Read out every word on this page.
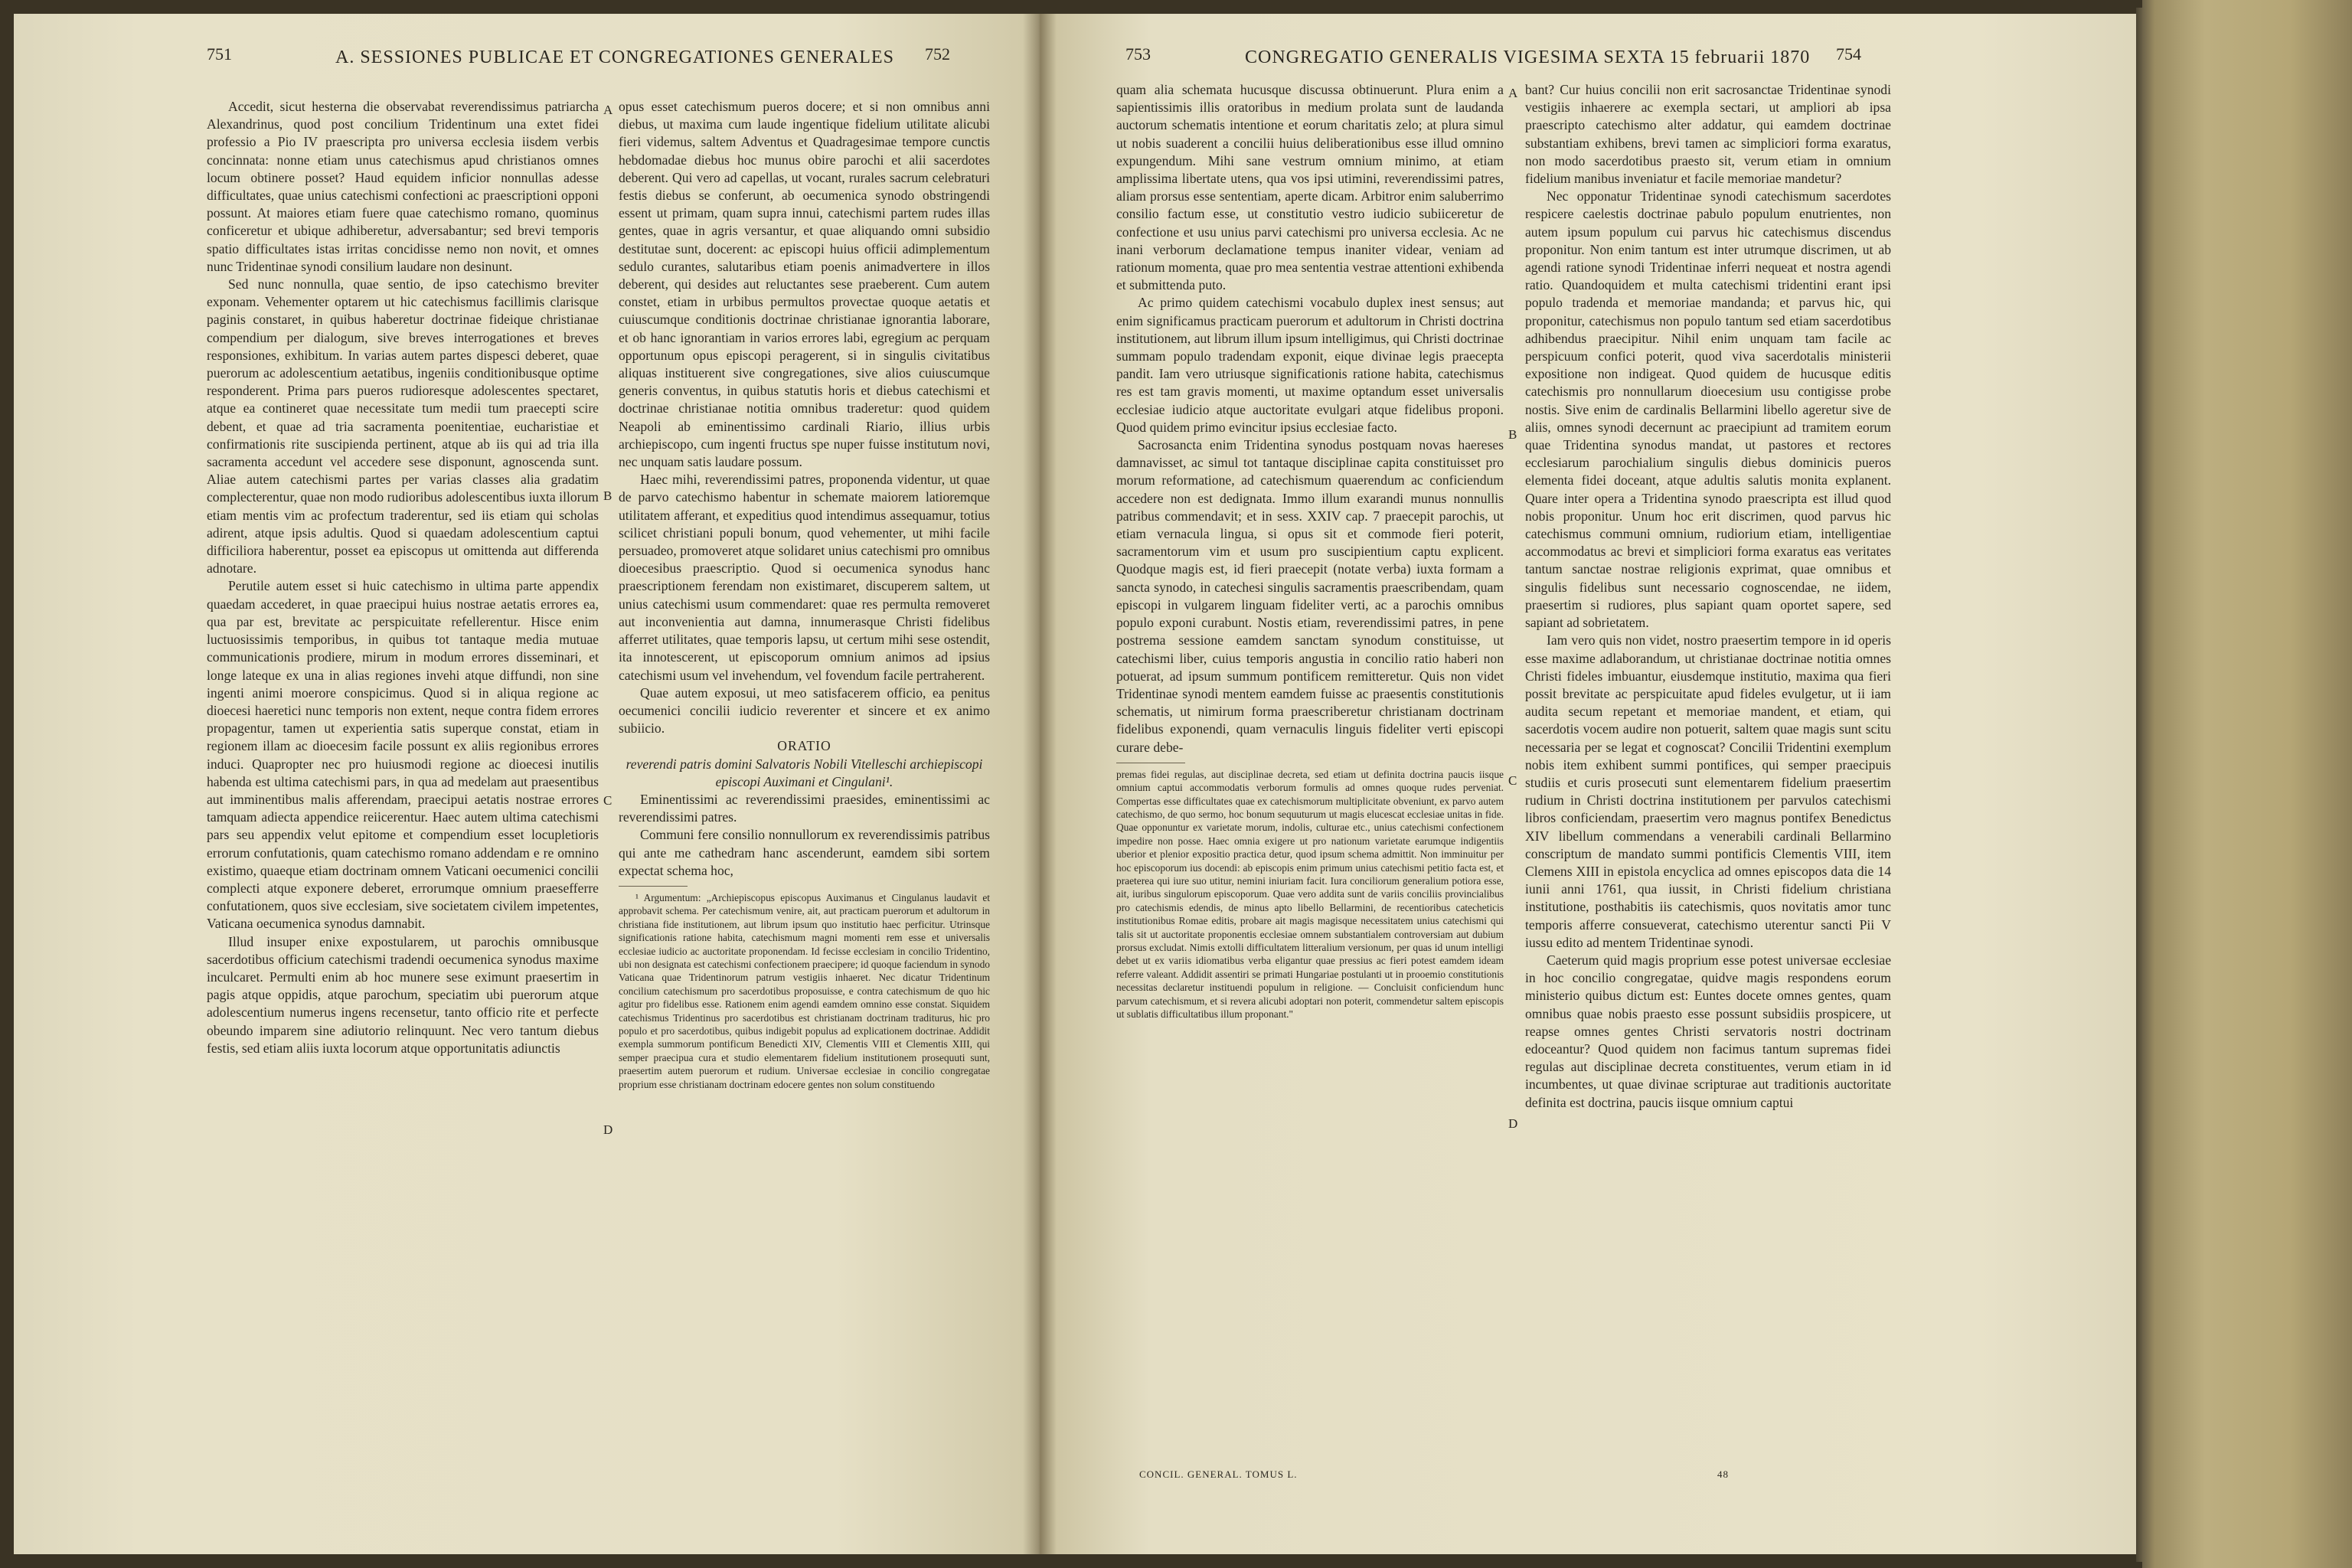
751	A. SESSIONES PUBLICAE ET CONGREGATIONES GENERALES 752

Accedit, sicut hesterna die observabat reverendissimus patriarcha Alexandrinus, quod post concilium Tridentinum una extet fidei professio a Pio IV praescripta pro universa ecclesia iisdem verbis concinnata: nonne etiam unus catechismus apud christianos omnes locum obtinere posset? Haud equidem inficior nonnullas adesse difficultates, quae unius catechismi confectioni ac praescriptioni opponi possunt. At maiores etiam fuere quae catechismo romano, quominus conficeretur et ubique adhiberetur, adversabantur; sed brevi temporis spatio difficultates istas irritas concidisse nemo non novit, et omnes nunc Tridentinae synodi consilium laudare non desinunt.

Sed nunc nonnulla, quae sentio, de ipso catechismo breviter exponam. Vehementer optarem ut hic catechismus facillimis clarisque paginis constaret, in quibus haberetur doctrinae fideique christianae compendium per dialogum, sive breves interrogationes et breves responsiones, exhibitum. In varias autem partes dispesci deberet, quae puerorum ac adolescentium aetatibus, ingeniis conditionibusque optime responderent. Prima pars pueros rudioresque adolescentes spectaret, atque ea contineret quae necessitate tum medii tum praecepti scire debent, et quae ad tria sacramenta poenitentiae, eucharistiae et confirmationis rite suscipienda pertinent, atque ab iis qui ad tria illa sacramenta accedunt vel accedere sese disponunt, agnoscenda sunt. Aliae autem catechismi partes per varias classes alia gradatim complecterentur, quae non modo rudioribus adolescentibus iuxta illorum etiam mentis vim ac profectum traderentur, sed iis etiam qui scholas adirent, atque ipsis adultis. Quod si quaedam adolescentium captui difficiliora haberentur, posset ea episcopus ut omittenda aut differenda adnotare.

Perutile autem esset si huic catechismo in ultima parte appendix quaedam accederet, in quae praecipui huius nostrae aetatis errores ea, qua par est, brevitate ac perspicuitate refellerentur. Hisce enim luctuosissimis temporibus, in quibus tot tantaque media mutuae communicationis prodiere, mirum in modum errores disseminari, et longe lateque ex una in alias regiones invehi atque diffundi, non sine ingenti animi moerore conspicimus. Quod si in aliqua regione ac dioecesi haeretici nunc temporis non extent, neque contra fidem errores propagentur, tamen ut experientia satis superque constat, etiam in regionem illam ac dioecesim facile possunt ex aliis regionibus errores induci. Quapropter nec pro huiusmodi regione ac dioecesi inutilis habenda est ultima catechismi pars, in qua ad medelam aut praesentibus aut imminentibus malis afferendam, praecipui aetatis nostrae errores tamquam adiecta appendice reiicerentur. Haec autem ultima catechismi pars seu appendix velut epitome et compendium esset locupletioris errorum confutationis, quam catechismo romano addendam e re omnino existimo, quaeque etiam doctrinam omnem Vaticani oecumenici concilii complecti atque exponere deberet, errorumque omnium praesefferre confutationem, quos sive ecclesiam, sive societatem civilem impetentes, Vaticana oecumenica synodus damnabit.

Illud insuper enixe expostularem, ut parochis omnibusque sacerdotibus officium catechismi tradendi oecumenica synodus maxime inculcaret. Permulti enim ab hoc munere sese eximunt praesertim in pagis atque oppidis, atque parochum, speciatim ubi puerorum atque adolescentium numerus ingens recensetur, tanto officio rite et perfecte obeundo imparem sine adiutorio relinquunt. Nec vero tantum diebus festis, sed etiam aliis iuxta locorum atque opportunitatis adiunctis

A
B
C
D

opus esset catechismum pueros docere; et si non omnibus anni diebus, ut maxima cum laude ingentique fidelium utilitate alicubi fieri videmus, saltem Adventus et Quadragesimae tempore cunctis hebdomadae diebus hoc munus obire parochi et alii sacerdotes deberent. Qui vero ad capellas, ut vocant, rurales sacrum celebraturi festis diebus se conferunt, ab oecumenica synodo obstringendi essent ut primam, quam supra innui, catechismi partem rudes illas gentes, quae in agris versantur, et quae aliquando omni subsidio destitutae sunt, docerent: ac episcopi huius officii adimplementum sedulo curantes, salutaribus etiam poenis animadvertere in illos deberent, qui desides aut reluctantes sese praeberent. Cum autem constet, etiam in urbibus permultos provectae quoque aetatis et cuiuscumque conditionis doctrinae christianae ignorantia laborare, et ob hanc ignorantiam in varios errores labi, egregium ac perquam opportunum opus episcopi peragerent, si in singulis civitatibus aliquas instituerent sive congregationes, sive alios cuiuscumque generis conventus, in quibus statutis horis et diebus catechismi et doctrinae christianae notitia omnibus traderetur: quod quidem Neapoli ab eminentissimo cardinali Riario, illius urbis archiepiscopo, cum ingenti fructus spe nuper fuisse institutum novi, nec unquam satis laudare possum.

Haec mihi, reverendissimi patres, proponenda videntur, ut quae de parvo catechismo habentur in schemate maiorem latioremque utilitatem afferant, et expeditius quod intendimus assequamur, totius scilicet christiani populi bonum, quod vehementer, ut mihi facile persuadeo, promoveret atque solidaret unius catechismi pro omnibus dioecesibus praescriptio. Quod si oecumenica synodus hanc praescriptionem ferendam non existimaret, discuperem saltem, ut unius catechismi usum commendaret: quae res permulta removeret aut inconvenientia aut damna, innumerasque Christi fidelibus afferret utilitates, quae temporis lapsu, ut certum mihi sese ostendit, ita innotescerent, ut episcoporum omnium animos ad ipsius catechismi usum vel invehendum, vel fovendum facile pertraherent.

Quae autem exposui, ut meo satisfacerem officio, ea penitus oecumenici concilii iudicio reverenter et sincere et ex animo subiicio.

ORATIO

reverendi patris domini Salvatoris Nobili Vitelleschi archiepiscopi episcopi Auximani et Cingulani¹.

Eminentissimi ac reverendissimi praesides, eminentissimi ac reverendissimi patres.

Communi fere consilio nonnullorum ex reverendissimis patribus qui ante me cathedram hanc ascenderunt, eamdem sibi sortem expectat schema hoc,

¹ Argumentum: „Archiepiscopus episcopus Auximanus et Cingulanus laudavit et approbavit schema. Per catechismum venire, ait, aut practicam puerorum et adultorum in christiana fide institutionem, aut librum ipsum quo institutio haec perficitur. Utrinsque significationis ratione habita, catechismum magni momenti rem esse et universalis ecclesiae iudicio ac auctoritate proponendam. Id fecisse ecclesiam in concilio Tridentino, ubi non designata est catechismi confectionem praecipere; id quoque faciendum in synodo Vaticana quae Tridentinorum patrum vestigiis inhaeret. Nec dicatur Tridentinum concilium catechismum pro sacerdotibus proposuisse, e contra catechismum de quo hic agitur pro fidelibus esse. Rationem enim agendi eamdem omnino esse constat. Siquidem catechismus Tridentinus pro sacerdotibus est christianam doctrinam traditurus, hic pro populo et pro sacerdotibus, quibus indigebit populus ad explicationem doctrinae. Addidit exempla summorum pontificum Benedicti XIV, Clementis VIII et Clementis XIII, qui semper praecipua cura et studio elementarem fidelium institutionem prosequuti sunt, praesertim autem puerorum et rudium. Universae ecclesiae in concilio congregatae proprium esse christianam doctrinam edocere gentes non solum constituendo

753	CONGREGATIO GENERALIS VIGESIMA SEXTA 15 februarii 1870 754

quam alia schemata hucusque discussa obtinuerunt. Plura enim a sapientissimis illis oratoribus in medium prolata sunt de laudanda auctorum schematis intentione et eorum charitatis zelo; at plura simul ut nobis suaderent a concilii huius deliberationibus esse illud omnino expungendum. Mihi sane vestrum omnium minimo, at etiam amplissima libertate utens, qua vos ipsi utimini, reverendissimi patres, aliam prorsus esse sententiam, aperte dicam. Arbitror enim saluberrimo consilio factum esse, ut constitutio vestro iudicio subiiceretur de confectione et usu unius parvi catechismi pro universa ecclesia. Ac ne inani verborum declamatione tempus inaniter videar, veniam ad rationum momenta, quae pro mea sententia vestrae attentioni exhibenda et submittenda puto.

Ac primo quidem catechismi vocabulo duplex inest sensus; aut enim significamus practicam puerorum et adultorum in Christi doctrina institutionem, aut librum illum ipsum intelligimus, qui Christi doctrinae summam populo tradendam exponit, eique divinae legis praecepta pandit. Iam vero utriusque significationis ratione habita, catechismus res est tam gravis momenti, ut maxime optandum esset universalis ecclesiae iudicio atque auctoritate evulgari atque fidelibus proponi. Quod quidem primo evincitur ipsius ecclesiae facto.

Sacrosancta enim Tridentina synodus postquam novas haereses damnavisset, ac simul tot tantaque disciplinae capita constituisset pro morum reformatione, ad catechismum quaerendum ac conficiendum accedere non est dedignata. Immo illum exarandi munus nonnullis patribus commendavit; et in sess. XXIV cap. 7 praecepit parochis, ut etiam vernacula lingua, si opus sit et commode fieri poterit, sacramentorum vim et usum pro suscipientium captu explicent. Quodque magis est, id fieri praecepit (notate verba) iuxta formam a sancta synodo, in catechesi singulis sacramentis praescribendam, quam episcopi in vulgarem linguam fideliter verti, ac a parochis omnibus populo exponi curabunt. Nostis etiam, reverendissimi patres, in pene postrema sessione eamdem sanctam synodum constituisse, ut catechismi liber, cuius temporis angustia in concilio ratio haberi non potuerat, ad ipsum summum pontificem remitteretur. Quis non videt Tridentinae synodi mentem eamdem fuisse ac praesentis constitutionis schematis, ut nimirum forma praescriberetur christianam doctrinam fidelibus exponendi, quam vernaculis linguis fideliter verti episcopi curare debe-

premas fidei regulas, aut disciplinae decreta, sed etiam ut definita doctrina paucis iisque omnium captui accommodatis verborum formulis ad omnes quoque rudes perveniat. Compertas esse difficultates quae ex catechismorum multiplicitate obveniunt, ex parvo autem catechismo, de quo sermo, hoc bonum sequuturum ut magis elucescat ecclesiae unitas in fide. Quae opponuntur ex varietate morum, indolis, culturae etc., unius catechismi confectionem impedire non posse. Haec omnia exigere ut pro nationum varietate earumque indigentiis uberior et plenior expositio practica detur, quod ipsum schema admittit. Non imminuitur per hoc episcoporum ius docendi: ab episcopis enim primum unius catechismi petitio facta est, et praeterea qui iure suo utitur, nemini iniuriam facit. Iura conciliorum generalium potiora esse, ait, iuribus singulorum episcoporum. Quae vero addita sunt de variis conciliis provincialibus pro catechismis edendis, de minus apto libello Bellarmini, de recentioribus catecheticis institutionibus Romae editis, probare ait magis magisque necessitatem unius catechismi qui talis sit ut auctoritate proponentis ecclesiae omnem substantialem controversiam aut dubium prorsus excludat. Nimis extolli difficultatem litteralium versionum, per quas id unum intelligi debet ut ex variis idiomatibus verba eligantur quae pressius ac fieri potest eamdem ideam referre valeant. Addidit assentiri se primati Hungariae postulanti ut in prooemio constitutionis necessitas declaretur instituendi populum in religione. — Concluisit conficiendum hunc parvum catechismum, et si revera alicubi adoptari non poterit, commendetur saltem episcopis ut sublatis difficultatibus illum proponant."

CONCIL. GENERAL. TOMUS L.	48
A
B
C
D

bant? Cur huius concilii non erit sacrosanctae Tridentinae synodi vestigiis inhaerere ac exempla sectari, ut ampliori ab ipsa praescripto catechismo alter addatur, qui eamdem doctrinae substantiam exhibens, brevi tamen ac simpliciori forma exaratus, non modo sacerdotibus praesto sit, verum etiam in omnium fidelium manibus inveniatur et facile memoriae mandetur?

Nec opponatur Tridentinae synodi catechismum sacerdotes respicere caelestis doctrinae pabulo populum enutrientes, non autem ipsum populum cui parvus hic catechismus discendus proponitur. Non enim tantum est inter utrumque discrimen, ut ab agendi ratione synodi Tridentinae inferri nequeat et nostra agendi ratio. Quandoquidem et multa catechismi tridentini erant ipsi populo tradenda et memoriae mandanda; et parvus hic, qui proponitur, catechismus non populo tantum sed etiam sacerdotibus adhibendus praecipitur. Nihil enim unquam tam facile ac perspicuum confici poterit, quod viva sacerdotalis ministerii expositione non indigeat. Quod quidem de hucusque editis catechismis pro nonnullarum dioecesium usu contigisse probe nostis. Sive enim de cardinalis Bellarmini libello ageretur sive de aliis, omnes synodi decernunt ac praecipiunt ad tramitem eorum quae Tridentina synodus mandat, ut pastores et rectores ecclesiarum parochialium singulis diebus dominicis pueros elementa fidei doceant, atque adultis salutis monita explanent. Quare inter opera a Tridentina synodo praescripta est illud quod nobis proponitur. Unum hoc erit discrimen, quod parvus hic catechismus communi omnium, rudiorium etiam, intelligentiae accommodatus ac brevi et simpliciori forma exaratus eas veritates tantum sanctae nostrae religionis exprimat, quae omnibus et singulis fidelibus sunt necessario cognoscendae, ne iidem, praesertim si rudiores, plus sapiant quam oportet sapere, sed sapiant ad sobrietatem.

Iam vero quis non videt, nostro praesertim tempore in id operis esse maxime adlaborandum, ut christianae doctrinae notitia omnes Christi fideles imbuantur, eiusdemque institutio, maxima qua fieri possit brevitate ac perspicuitate apud fideles evulgetur, ut ii iam audita secum repetant et memoriae mandent, et etiam, qui sacerdotis vocem audire non potuerit, saltem quae magis sunt scitu necessaria per se legat et cognoscat? Concilii Tridentini exemplum nobis item exhibent summi pontifices, qui semper praecipuis studiis et curis prosecuti sunt elementarem fidelium praesertim rudium in Christi doctrina institutionem per parvulos catechismi libros conficiendam, praesertim vero magnus pontifex Benedictus XIV libellum commendans a venerabili cardinali Bellarmino conscriptum de mandato summi pontificis Clementis VIII, item Clemens XIII in epistola encyclica ad omnes episcopos data die 14 iunii anni 1761, qua iussit, in Christi fidelium christiana institutione, posthabitis iis catechismis, quos novitatis amor tunc temporis afferre consueverat, catechismo uterentur sancti Pii V iussu edito ad mentem Tridentinae synodi.

Caeterum quid magis proprium esse potest universae ecclesiae in hoc concilio congregatae, quidve magis respondens eorum ministerio quibus dictum est: Euntes docete omnes gentes, quam omnibus quae nobis praesto esse possunt subsidiis prospicere, ut reapse omnes gentes Christi servatoris nostri doctrinam edoceantur? Quod quidem non facimus tantum supremas fidei regulas aut disciplinae decreta constituentes, verum etiam in id incumbentes, ut quae divinae scripturae aut traditionis auctoritate definita est doctrina, paucis iisque omnium captui
